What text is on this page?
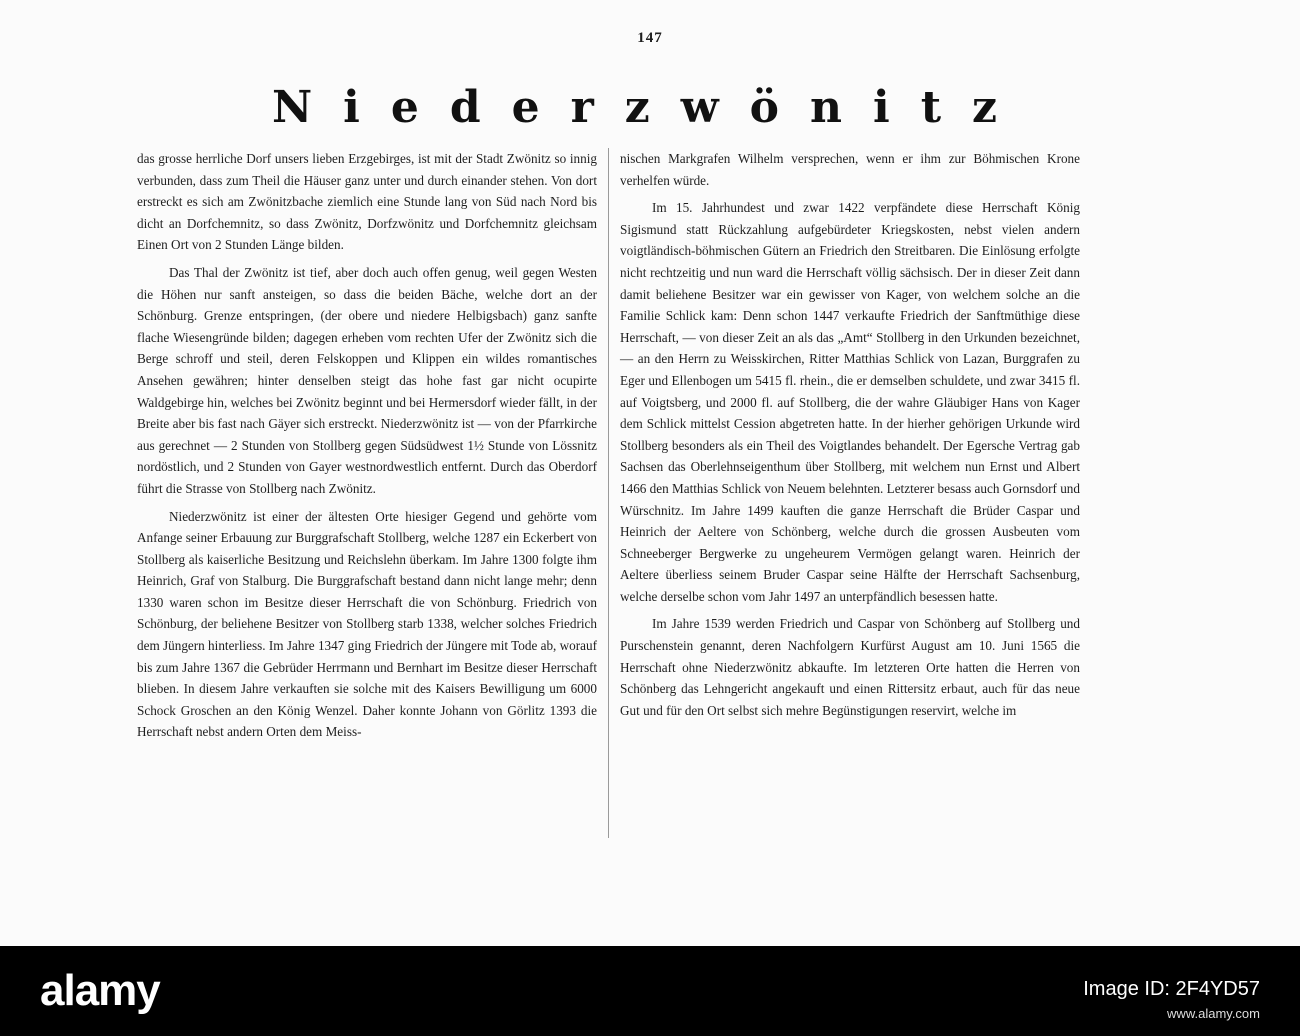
147
Niederzwönitz

das grosse herrliche Dorf unsers lieben Erzgebirges, ist mit der Stadt Zwönitz so innig verbunden, dass zum Theil die Häuser ganz unter und durch einander stehen. Von dort erstreckt es sich am Zwönitzbache ziemlich eine Stunde lang von Süd nach Nord bis dicht an Dorfchemnitz, so dass Zwönitz, Dorfzwönitz und Dorfchemnitz gleichsam Einen Ort von 2 Stunden Länge bilden.

Das Thal der Zwönitz ist tief, aber doch auch offen genug, weil gegen Westen die Höhen nur sanft ansteigen, so dass die beiden Bäche, welche dort an der Schönburg. Grenze entspringen, (der obere und niedere Helbigsbach) ganz sanfte flache Wiesengründe bilden; dagegen erheben vom rechten Ufer der Zwönitz sich die Berge schroff und steil, deren Felskoppen und Klippen ein wildes romantisches Ansehen gewähren; hinter denselben steigt das hohe fast gar nicht ocupirte Waldgebirge hin, welches bei Zwönitz beginnt und bei Hermersdorf wieder fällt, in der Breite aber bis fast nach Gäyer sich erstreckt. Niederzwönitz ist — von der Pfarrkirche aus gerechnet — 2 Stunden von Stollberg gegen Südsüdwest 1½ Stunde von Lössnitz nordöstlich, und 2 Stunden von Gayer westnordwestlich entfernt. Durch das Oberdorf führt die Strasse von Stollberg nach Zwönitz.

Niederzwönitz ist einer der ältesten Orte hiesiger Gegend und gehörte vom Anfange seiner Erbauung zur Burggrafschaft Stollberg, welche 1287 ein Eckerbert von Stollberg als kaiserliche Besitzung und Reichslehn überkam. Im Jahre 1300 folgte ihm Heinrich, Graf von Stalburg. Die Burggrafschaft bestand dann nicht lange mehr; denn 1330 waren schon im Besitze dieser Herrschaft die von Schönburg. Friedrich von Schönburg, der beliehene Besitzer von Stollberg starb 1338, welcher solches Friedrich dem Jüngern hinterliess. Im Jahre 1347 ging Friedrich der Jüngere mit Tode ab, worauf bis zum Jahre 1367 die Gebrüder Herrmann und Bernhart im Besitze dieser Herrschaft blieben. In diesem Jahre verkauften sie solche mit des Kaisers Bewilligung um 6000 Schock Groschen an den König Wenzel. Daher konnte Johann von Görlitz 1393 die Herrschaft nebst andern Orten dem Meiss-

nischen Markgrafen Wilhelm versprechen, wenn er ihm zur Böhmischen Krone verhelfen würde.

Im 15. Jahrhundest und zwar 1422 verpfändete diese Herrschaft König Sigismund statt Rückzahlung aufgebürdeter Kriegskosten, nebst vielen andern voigtländisch-böhmischen Gütern an Friedrich den Streitbaren. Die Einlösung erfolgte nicht rechtzeitig und nun ward die Herrschaft völlig sächsisch. Der in dieser Zeit dann damit beliehene Besitzer war ein gewisser von Kager, von welchem solche an die Familie Schlick kam: Denn schon 1447 verkaufte Friedrich der Sanftmüthige diese Herrschaft, — von dieser Zeit an als das „Amt“ Stollberg in den Urkunden bezeichnet, — an den Herrn zu Weisskirchen, Ritter Matthias Schlick von Lazan, Burggrafen zu Eger und Ellenbogen um 5415 fl. rhein., die er demselben schuldete, und zwar 3415 fl. auf Voigtsberg, und 2000 fl. auf Stollberg, die der wahre Gläubiger Hans von Kager dem Schlick mittelst Cession abgetreten hatte. In der hierher gehörigen Urkunde wird Stollberg besonders als ein Theil des Voigtlandes behandelt. Der Egersche Vertrag gab Sachsen das Oberlehnseigenthum über Stollberg, mit welchem nun Ernst und Albert 1466 den Matthias Schlick von Neuem belehnten. Letzterer besass auch Gornsdorf und Würschnitz. Im Jahre 1499 kauften die ganze Herrschaft die Brüder Caspar und Heinrich der Aeltere von Schönberg, welche durch die grossen Ausbeuten vom Schneeberger Bergwerke zu ungeheurem Vermögen gelangt waren. Heinrich der Aeltere überliess seinem Bruder Caspar seine Hälfte der Herrschaft Sachsenburg, welche derselbe schon vom Jahr 1497 an unterpfändlich besessen hatte.

Im Jahre 1539 werden Friedrich und Caspar von Schönberg auf Stollberg und Purschenstein genannt, deren Nachfolgern Kurfürst August am 10. Juni 1565 die Herrschaft ohne Niederzwönitz abkaufte. Im letzteren Orte hatten die Herren von Schönberg das Lehngericht angekauft und einen Rittersitz erbaut, auch für das neue Gut und für den Ort selbst sich mehre Begünstigungen reservirt, welche im

alamy	Image ID: 2F4YD57
www.alamy.com
